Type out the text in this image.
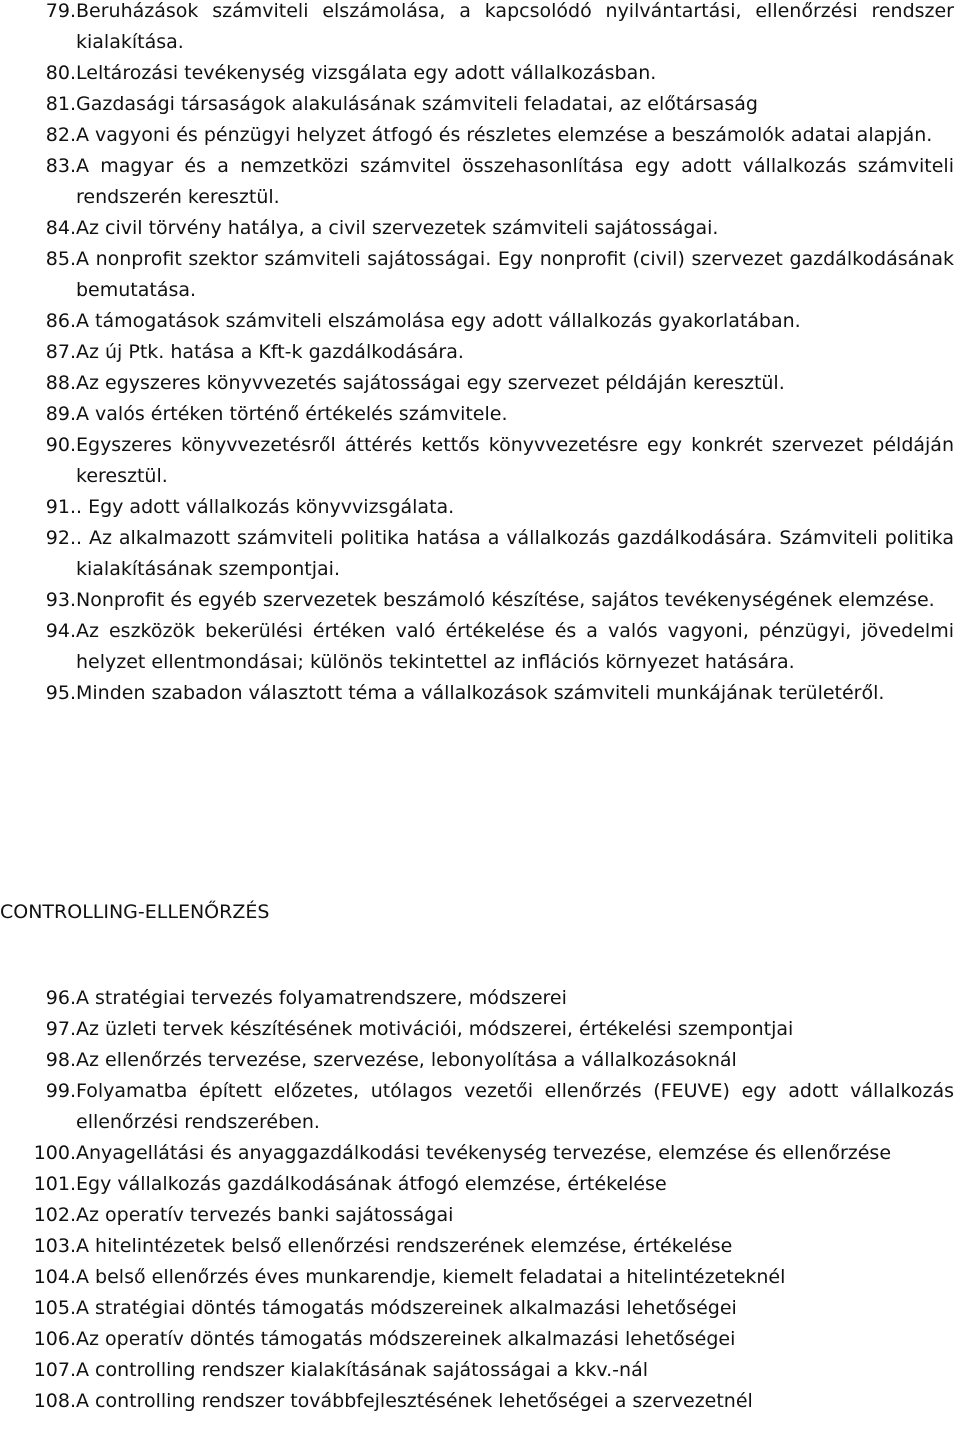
79. Beruházások számviteli elszámolása, a kapcsolódó nyilvántartási, ellenőrzési rendszer kialakítása.
80. Leltározási tevékenység vizsgálata egy adott vállalkozásban.
81. Gazdasági társaságok alakulásának számviteli feladatai, az előtársaság
82. A vagyoni és pénzügyi helyzet átfogó és részletes elemzése a beszámolók adatai alapján.
83. A magyar és a nemzetközi számvitel összehasonlítása egy adott vállalkozás számviteli rendszerén keresztül.
84. Az civil törvény hatálya, a civil szervezetek számviteli sajátosságai.
85. A nonprofit szektor számviteli sajátosságai. Egy nonprofit (civil) szervezet gazdálkodásának bemutatása.
86. A támogatások számviteli elszámolása egy adott vállalkozás gyakorlatában.
87. Az új Ptk. hatása a Kft-k gazdálkodására.
88. Az egyszeres könyvvezetés sajátosságai egy szervezet példáján keresztül.
89. A valós értéken történő értékelés számvitele.
90. Egyszeres könyvvezetésről áttérés kettős könyvvezetésre egy konkrét szervezet példáján keresztül.
91. . Egy adott vállalkozás könyvvizsgálata.
92. . Az alkalmazott számviteli politika hatása a vállalkozás gazdálkodására. Számviteli politika kialakításának szempontjai.
93. Nonprofit és egyéb szervezetek beszámoló készítése, sajátos tevékenységének elemzése.
94. Az eszközök bekerülési értéken való értékelése és a valós vagyoni, pénzügyi, jövedelmi helyzet ellentmondásai; különös tekintettel az inflációs környezet hatására.
95. Minden szabadon választott téma a vállalkozások számviteli munkájának területéről.
CONTROLLING-ELLENŐRZÉS
96. A stratégiai tervezés folyamatrendszere, módszerei
97. Az üzleti tervek készítésének motivációi, módszerei, értékelési szempontjai
98. Az ellenőrzés tervezése, szervezése, lebonyolítása a vállalkozásoknál
99. Folyamatba épített előzetes, utólagos vezetői ellenőrzés (FEUVE) egy adott vállalkozás ellenőrzési rendszerében.
100. Anyagellátási és anyaggazdálkodási tevékenység tervezése, elemzése és ellenőrzése
101. Egy vállalkozás gazdálkodásának átfogó elemzése, értékelése
102. Az operatív tervezés banki sajátosságai
103. A hitelintézetek belső ellenőrzési rendszerének elemzése, értékelése
104. A belső ellenőrzés éves munkarendje, kiemelt feladatai a hitelintézeteknél
105. A stratégiai döntés támogatás módszereinek alkalmazási lehetőségei
106. Az operatív döntés támogatás módszereinek alkalmazási lehetőségei
107. A controlling rendszer kialakításának sajátosságai a kkv.-nál
108. A controlling rendszer továbbfejlesztésének lehetőségei a szervezetnél
